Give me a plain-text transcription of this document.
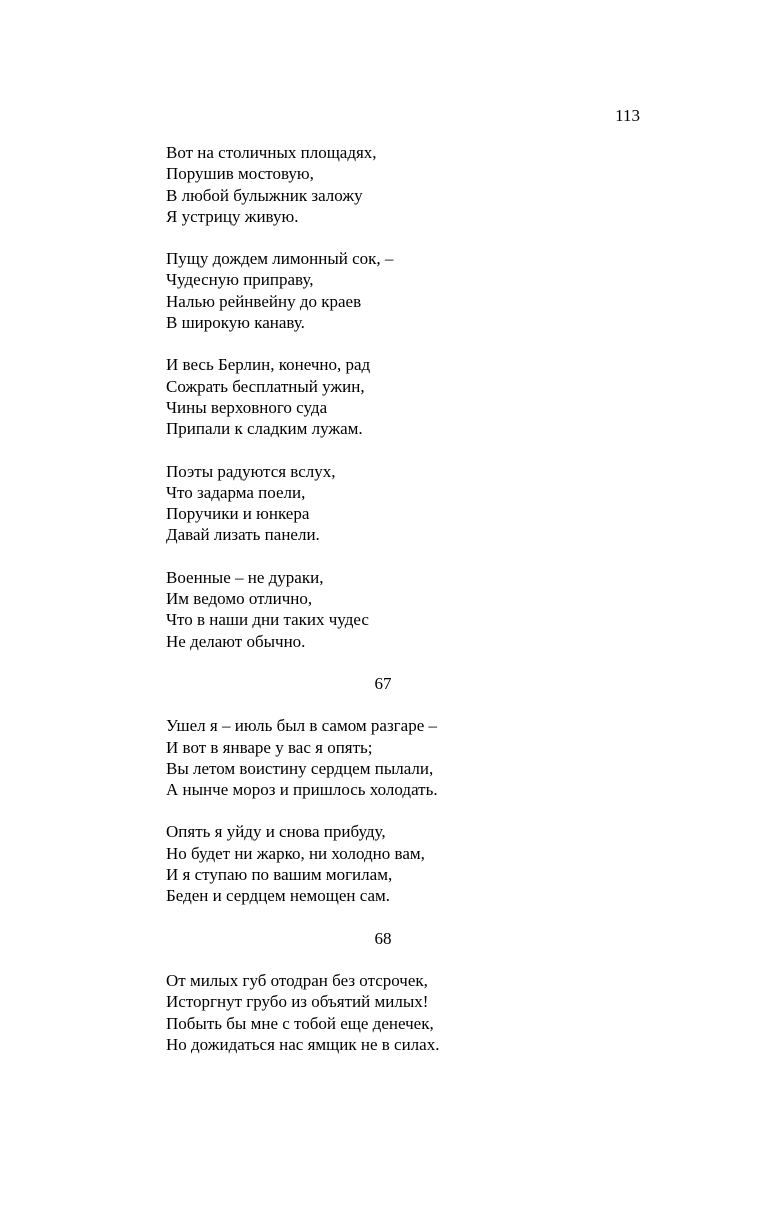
113
Вот на столичных площадях,
Порушив мостовую,
В любой булыжник заложу
Я устрицу живую.
Пущу дождем лимонный сок, –
Чудесную приправу,
Налью рейнвейну до краев
В широкую канаву.
И весь Берлин, конечно, рад
Сожрать бесплатный ужин,
Чины верховного суда
Припали к сладким лужам.
Поэты радуются вслух,
Что задарма поели,
Поручики и юнкера
Давай лизать панели.
Военные – не дураки,
Им ведомо отлично,
Что в наши дни таких чудес
Не делают обычно.
67
Ушел я – июль был в самом разгаре –
И вот в январе у вас я опять;
Вы летом воистину сердцем пылали,
А нынче мороз и пришлось холодать.
Опять я уйду и снова прибуду,
Но будет ни жарко, ни холодно вам,
И я ступаю по вашим могилам,
Беден и сердцем немощен сам.
68
От милых губ отодран без отсрочек,
Исторгнут грубо из объятий милых!
Побыть бы мне с тобой еще денечек,
Но дожидаться нас ямщик не в силах.
